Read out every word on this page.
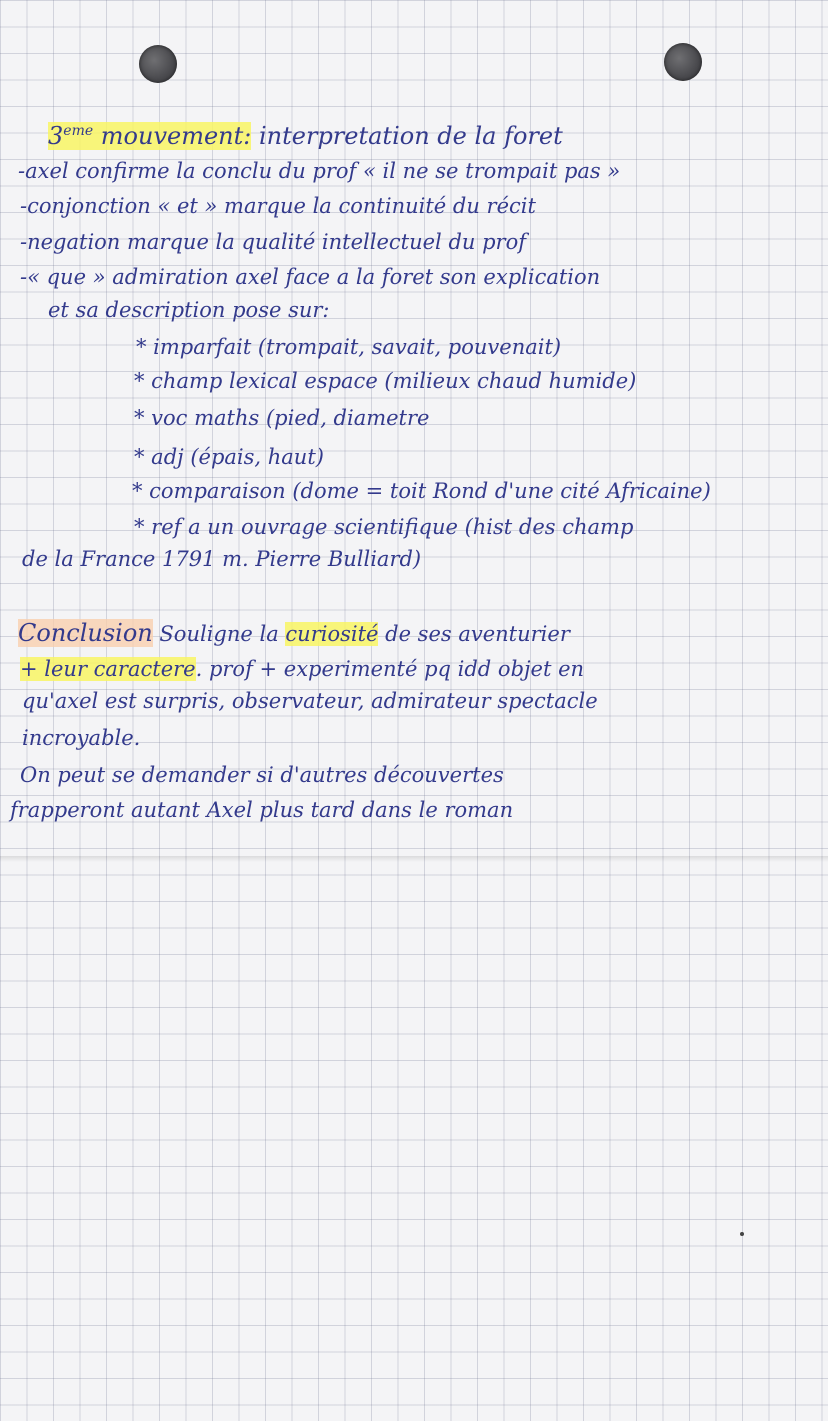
3eme mouvement: interpretation de la foret
-axel confirme la conclu du prof « il ne se trompait pas »
-conjonction « et » marque la continuité du récit
-negation marque la qualité intellectuel du prof
-« que » admiration axel face a la foret son explication
et sa description pose sur:
* imparfait (trompait, savait, pouvenait)
* champ lexical espace (milieux chaud humide)
* voc maths (pied, diametre
* adj (épais, haut)
* comparaison (dome = toit Rond d'une cité Africaine)
* ref a un ouvrage scientifique (hist des champ
de la France 1791 m. Pierre Bulliard)
Conclusion Souligne la curiosité de ses aventurier
+ leur caractere. prof + experimenté pq idd objet en
qu'axel est surpris, observateur, admirateur spectacle
incroyable.
On peut se demander si d'autres découvertes
frapperont autant Axel plus tard dans le roman
